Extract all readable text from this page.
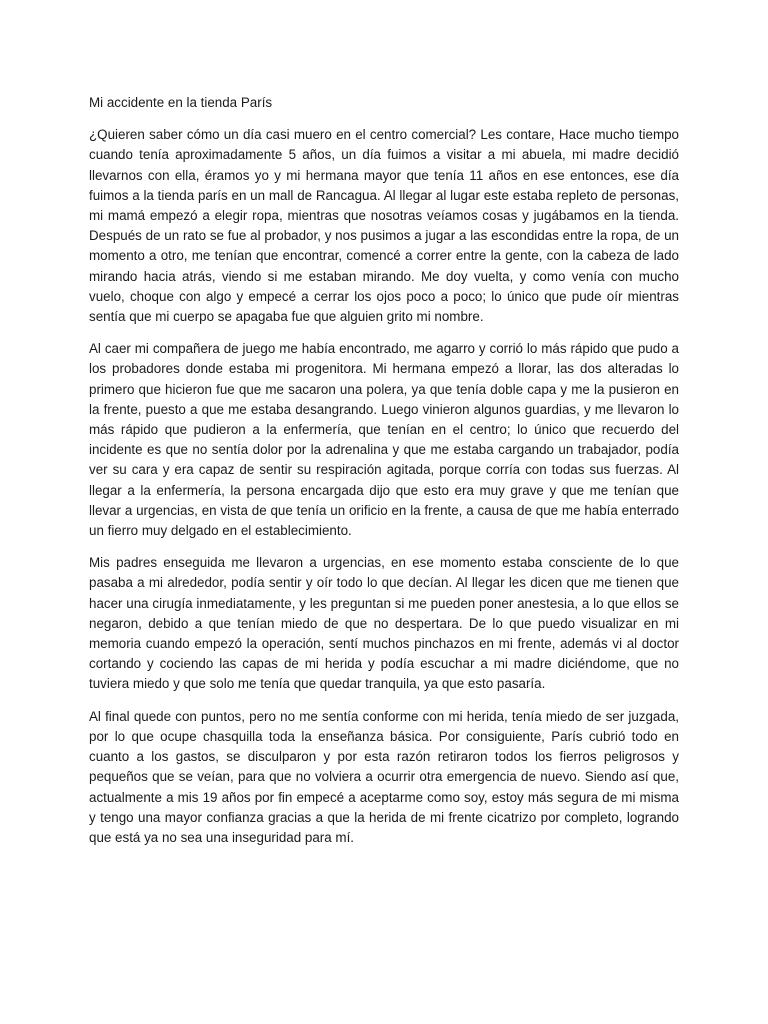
Mi accidente en la tienda París

¿Quieren saber cómo un día casi muero en el centro comercial? Les contare, Hace mucho tiempo cuando tenía aproximadamente 5 años, un día fuimos a visitar a mi abuela, mi madre decidió llevarnos con ella, éramos yo y mi hermana mayor que tenía 11 años en ese entonces, ese día fuimos a la tienda parís en un mall de Rancagua. Al llegar al lugar este estaba repleto de personas, mi mamá empezó a elegir ropa, mientras que nosotras veíamos cosas y jugábamos en la tienda. Después de un rato se fue al probador, y nos pusimos a jugar a las escondidas entre la ropa, de un momento a otro, me tenían que encontrar, comencé a correr entre la gente, con la cabeza de lado mirando hacia atrás, viendo si me estaban mirando. Me doy vuelta, y como venía con mucho vuelo, choque con algo y empecé a cerrar los ojos poco a poco; lo único que pude oír mientras sentía que mi cuerpo se apagaba fue que alguien grito mi nombre.

Al caer mi compañera de juego me había encontrado, me agarro y corrió lo más rápido que pudo a los probadores donde estaba mi progenitora. Mi hermana empezó a llorar, las dos alteradas lo primero que hicieron fue que me sacaron una polera, ya que tenía doble capa y me la pusieron en la frente, puesto a que me estaba desangrando. Luego vinieron algunos guardias, y me llevaron lo más rápido que pudieron a la enfermería, que tenían en el centro; lo único que recuerdo del incidente es que no sentía dolor por la adrenalina y que me estaba cargando un trabajador, podía ver su cara y era capaz de sentir su respiración agitada, porque corría con todas sus fuerzas. Al llegar a la enfermería, la persona encargada dijo que esto era muy grave y que me tenían que llevar a urgencias, en vista de que tenía un orificio en la frente, a causa de que me había enterrado un fierro muy delgado en el establecimiento.

Mis padres enseguida me llevaron a urgencias, en ese momento estaba consciente de lo que pasaba a mi alrededor, podía sentir y oír todo lo que decían. Al llegar les dicen que me tienen que hacer una cirugía inmediatamente, y les preguntan si me pueden poner anestesia, a lo que ellos se negaron, debido a que tenían miedo de que no despertara. De lo que puedo visualizar en mi memoria cuando empezó la operación, sentí muchos pinchazos en mi frente, además vi al doctor cortando y cociendo las capas de mi herida y podía escuchar a mi madre diciéndome, que no tuviera miedo y que solo me tenía que quedar tranquila, ya que esto pasaría.

Al final quede con puntos, pero no me sentía conforme con mi herida, tenía miedo de ser juzgada, por lo que ocupe chasquilla toda la enseñanza básica. Por consiguiente, París cubrió todo en cuanto a los gastos, se disculparon y por esta razón retiraron todos los fierros peligrosos y pequeños que se veían, para que no volviera a ocurrir otra emergencia de nuevo. Siendo así que, actualmente a mis 19 años por fin empecé a aceptarme como soy, estoy más segura de mi misma y tengo una mayor confianza gracias a que la herida de mi frente cicatrizo por completo, logrando que está ya no sea una inseguridad para mí.
